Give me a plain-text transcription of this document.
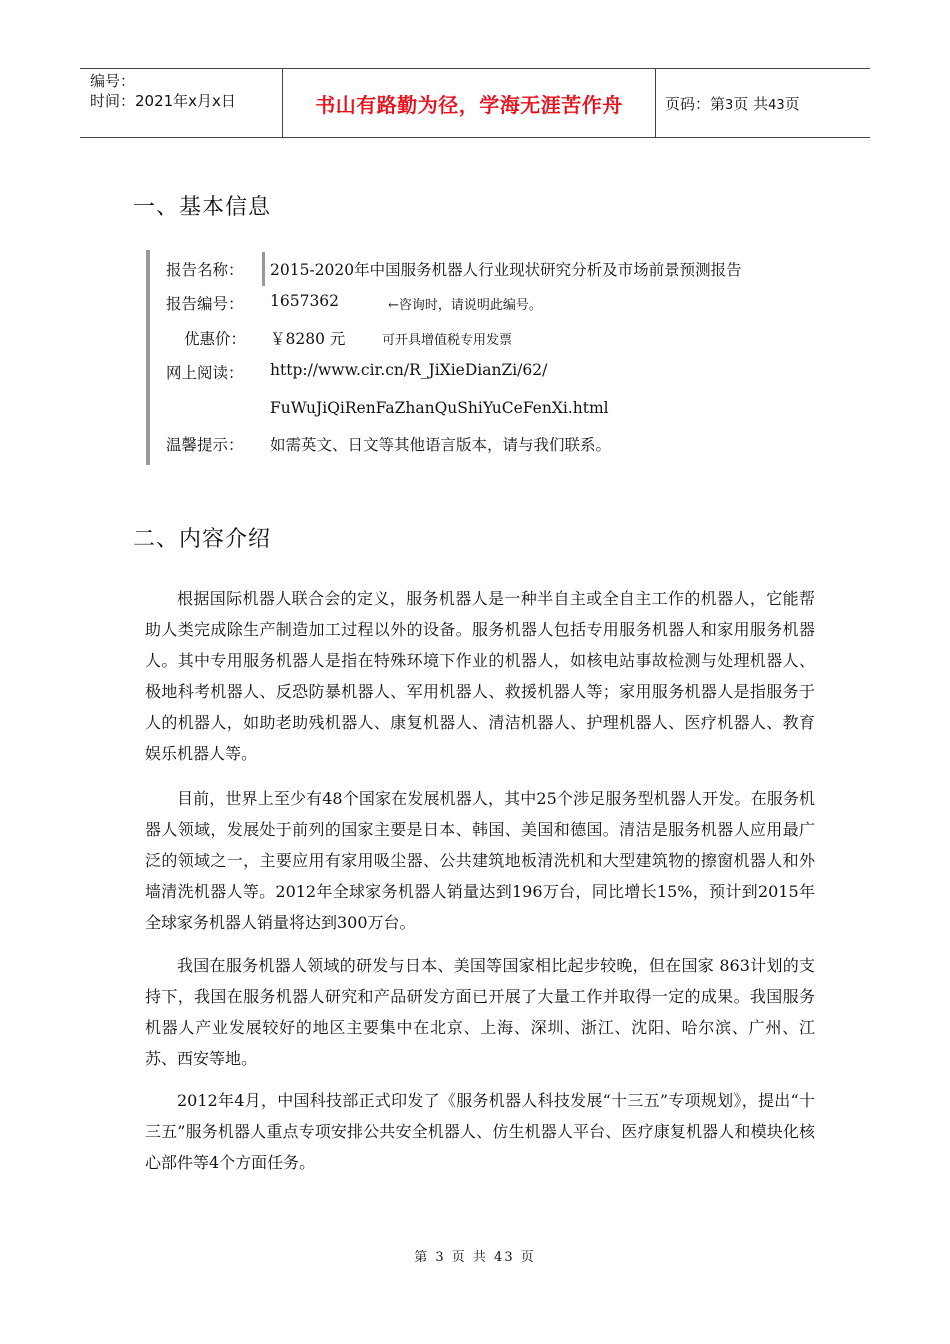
编号：
时间：2021年x月x日	书山有路勤为径，学海无涯苦作舟	页码：第3页 共43页
一、基本信息
报告名称：	2015-2020年中国服务机器人行业现状研究分析及市场前景预测报告
报告编号：	1657362	←咨询时，请说明此编号。
优惠价：	￥8280 元	可开具增值税专用发票
网上阅读：	http://www.cir.cn/R_JiXieDianZi/62/
FuWuJiQiRenFaZhanQuShiYuCeFenXi.html
温馨提示：	如需英文、日文等其他语言版本，请与我们联系。
二、内容介绍

根据国际机器人联合会的定义，服务机器人是一种半自主或全自主工作的机器人，它能帮助人类完成除生产制造加工过程以外的设备。服务机器人包括专用服务机器人和家用服务机器人。其中专用服务机器人是指在特殊环境下作业的机器人，如核电站事故检测与处理机器人、极地科考机器人、反恐防暴机器人、军用机器人、救援机器人等；家用服务机器人是指服务于人的机器人，如助老助残机器人、康复机器人、清洁机器人、护理机器人、医疗机器人、教育娱乐机器人等。

目前，世界上至少有48个国家在发展机器人，其中25个涉足服务型机器人开发。在服务机器人领域，发展处于前列的国家主要是日本、韩国、美国和德国。清洁是服务机器人应用最广泛的领域之一，主要应用有家用吸尘器、公共建筑地板清洗机和大型建筑物的擦窗机器人和外墙清洗机器人等。2012年全球家务机器人销量达到196万台，同比增长15%，预计到2015年全球家务机器人销量将达到300万台。

我国在服务机器人领域的研发与日本、美国等国家相比起步较晚，但在国家 863计划的支持下，我国在服务机器人研究和产品研发方面已开展了大量工作并取得一定的成果。我国服务机器人产业发展较好的地区主要集中在北京、上海、深圳、浙江、沈阳、哈尔滨、广州、江苏、西安等地。

2012年4月，中国科技部正式印发了《服务机器人科技发展“十三五”专项规划》，提出“十三五”服务机器人重点专项安排公共安全机器人、仿生机器人平台、医疗康复机器人和模块化核心部件等4个方面任务。

第 3 页 共 43 页
